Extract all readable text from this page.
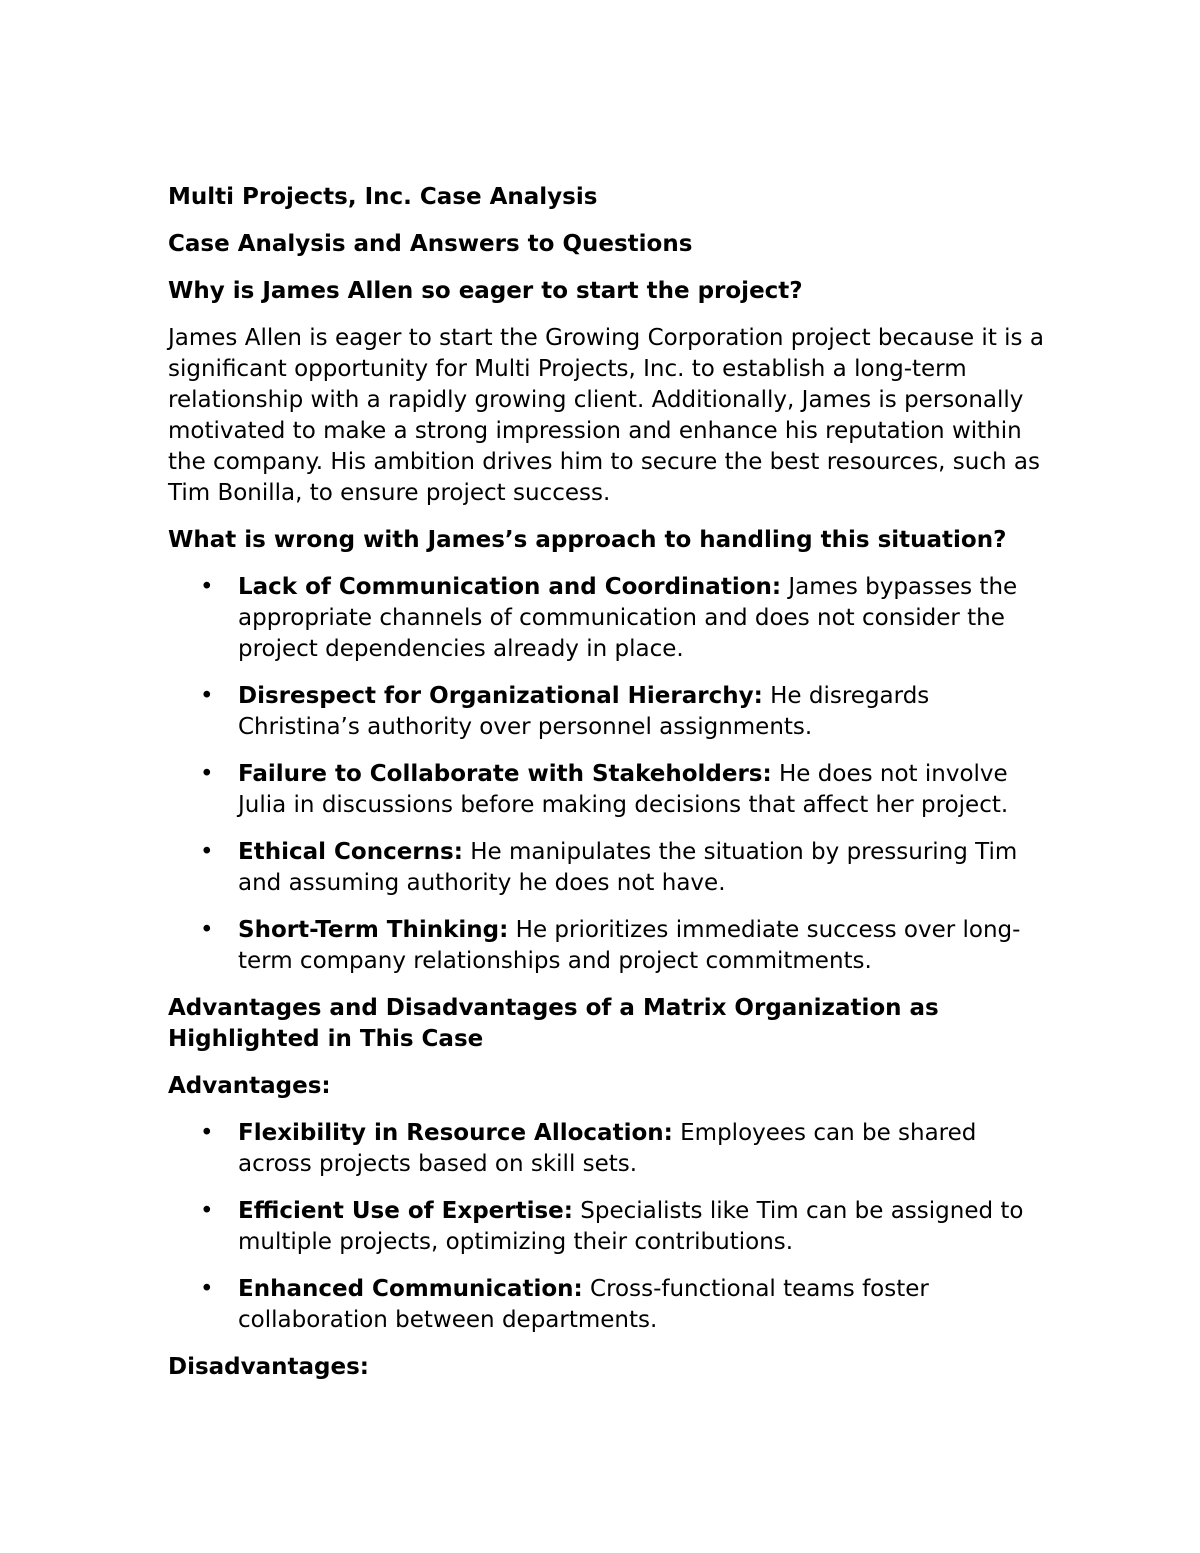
Multi Projects, Inc. Case Analysis

Case Analysis and Answers to Questions

Why is James Allen so eager to start the project?

James Allen is eager to start the Growing Corporation project because it is a significant opportunity for Multi Projects, Inc. to establish a long-term relationship with a rapidly growing client. Additionally, James is personally motivated to make a strong impression and enhance his reputation within the company. His ambition drives him to secure the best resources, such as Tim Bonilla, to ensure project success.

What is wrong with James’s approach to handling this situation?

• Lack of Communication and Coordination: James bypasses the appropriate channels of communication and does not consider the project dependencies already in place.
• Disrespect for Organizational Hierarchy: He disregards Christina’s authority over personnel assignments.
• Failure to Collaborate with Stakeholders: He does not involve Julia in discussions before making decisions that affect her project.
• Ethical Concerns: He manipulates the situation by pressuring Tim and assuming authority he does not have.
• Short-Term Thinking: He prioritizes immediate success over long-term company relationships and project commitments.

Advantages and Disadvantages of a Matrix Organization as Highlighted in This Case

Advantages:

• Flexibility in Resource Allocation: Employees can be shared across projects based on skill sets.
• Efficient Use of Expertise: Specialists like Tim can be assigned to multiple projects, optimizing their contributions.
• Enhanced Communication: Cross-functional teams foster collaboration between departments.

Disadvantages:
